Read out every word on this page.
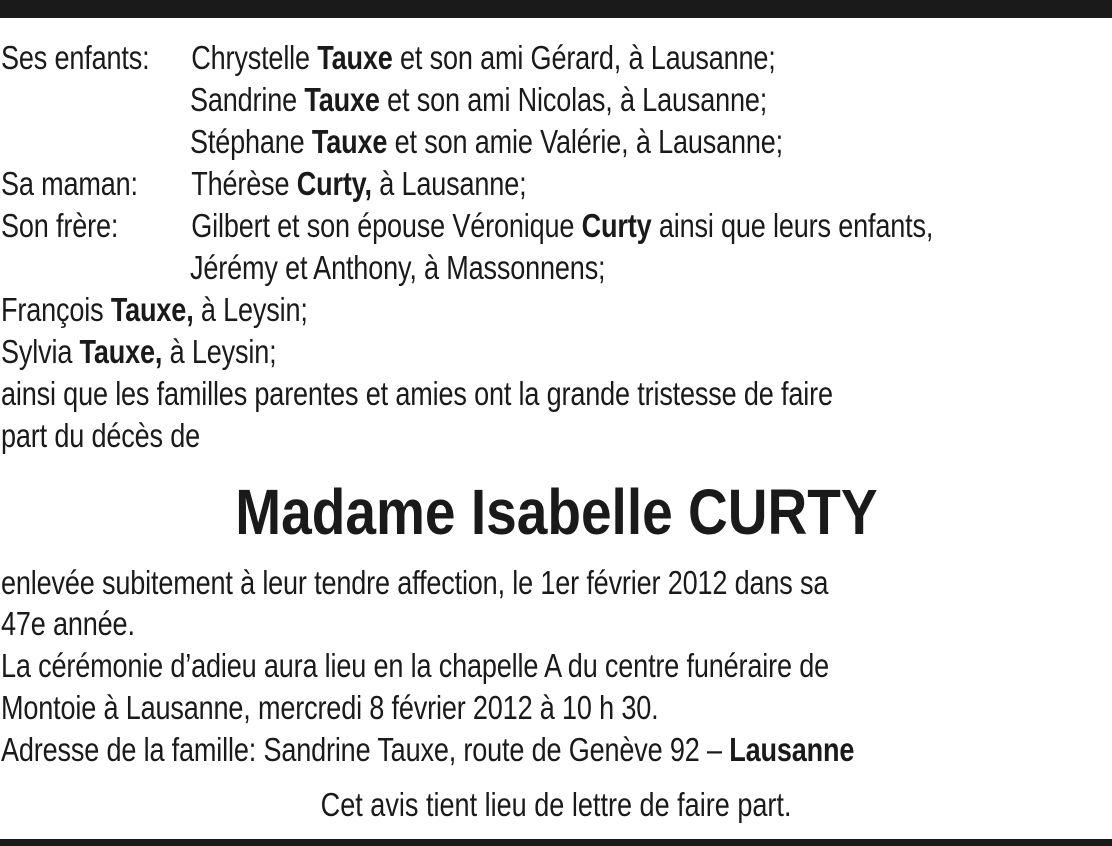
Ses enfants: Chrystelle Tauxe et son ami Gérard, à Lausanne;
Sandrine Tauxe et son ami Nicolas, à Lausanne;
Stéphane Tauxe et son amie Valérie, à Lausanne;
Sa maman: Thérèse Curty, à Lausanne;
Son frère: Gilbert et son épouse Véronique Curty ainsi que leurs enfants,
Jérémy et Anthony, à Massonnens;
François Tauxe, à Leysin;
Sylvia Tauxe, à Leysin;
ainsi que les familles parentes et amies ont la grande tristesse de faire
part du décès de
Madame Isabelle CURTY
enlevée subitement à leur tendre affection, le 1er février 2012 dans sa
47e année.
La cérémonie d’adieu aura lieu en la chapelle A du centre funéraire de
Montoie à Lausanne, mercredi 8 février 2012 à 10 h 30.
Adresse de la famille: Sandrine Tauxe, route de Genève 92 – Lausanne
Cet avis tient lieu de lettre de faire part.
